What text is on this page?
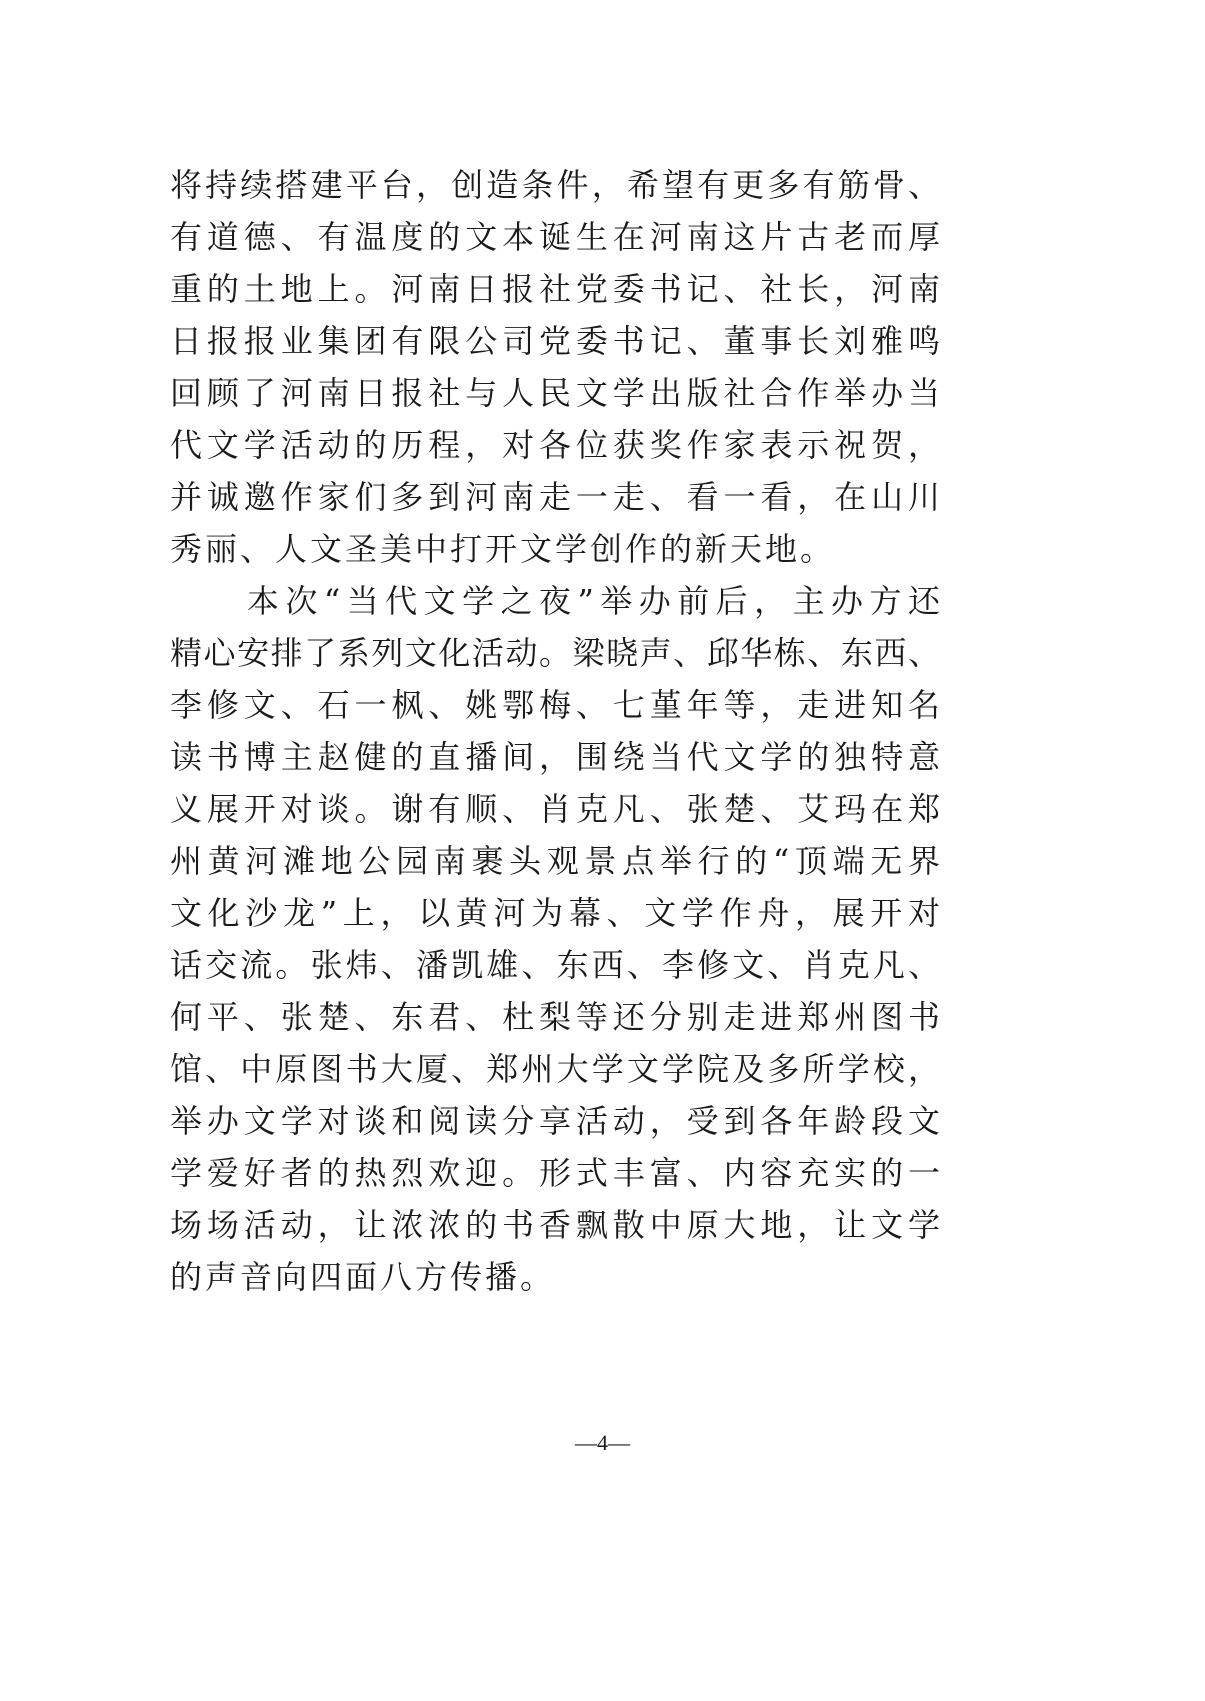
将持续搭建平台，创造条件，希望有更多有筋骨、
有道德、有温度的文本诞生在河南这片古老而厚
重的土地上。河南日报社党委书记、社长，河南
日报报业集团有限公司党委书记、董事长刘雅鸣
回顾了河南日报社与人民文学出版社合作举办当
代文学活动的历程，对各位获奖作家表示祝贺，
并诚邀作家们多到河南走一走、看一看，在山川
秀丽、人文圣美中打开文学创作的新天地。
　　本次“当代文学之夜”举办前后，主办方还
精心安排了系列文化活动。梁晓声、邱华栋、东西、
李修文、石一枫、姚鄂梅、七堇年等，走进知名
读书博主赵健的直播间，围绕当代文学的独特意
义展开对谈。谢有顺、肖克凡、张楚、艾玛在郑
州黄河滩地公园南裹头观景点举行的“顶端无界
文化沙龙”上，以黄河为幕、文学作舟，展开对
话交流。张炜、潘凯雄、东西、李修文、肖克凡、
何平、张楚、东君、杜梨等还分别走进郑州图书
馆、中原图书大厦、郑州大学文学院及多所学校，
举办文学对谈和阅读分享活动，受到各年龄段文
学爱好者的热烈欢迎。形式丰富、内容充实的一
场场活动，让浓浓的书香飘散中原大地，让文学
的声音向四面八方传播。
—4—
